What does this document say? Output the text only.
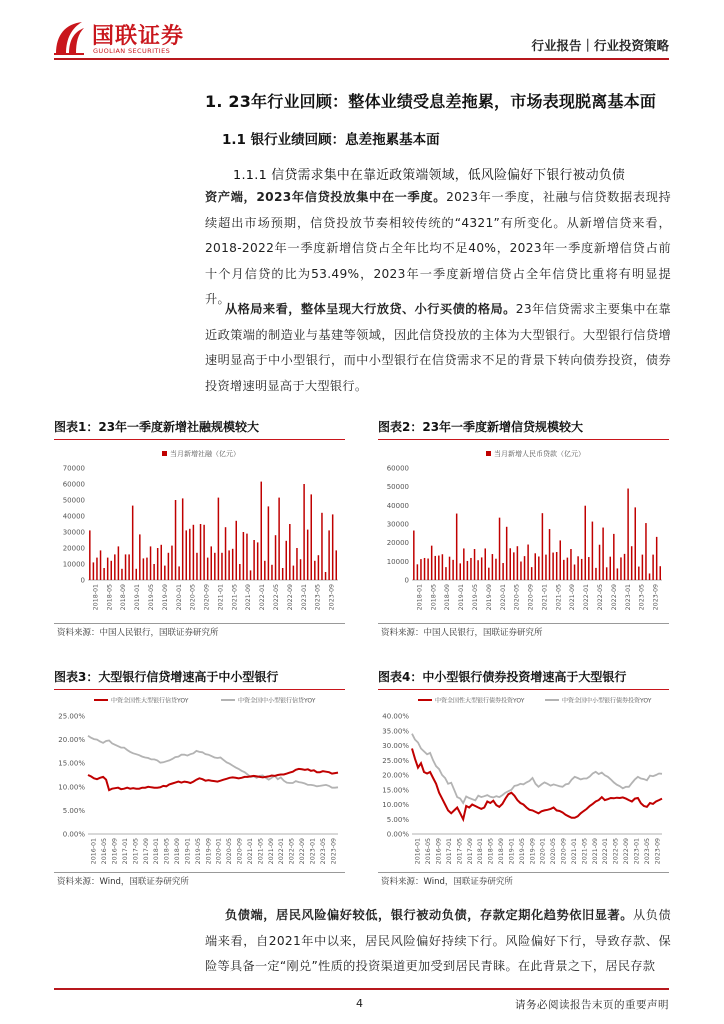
国联证券
GUOLIAN SECURITIES	行业报告｜行业投资策略
1. 23年行业回顾：整体业绩受息差拖累，市场表现脱离基本面
1.1 银行业绩回顾：息差拖累基本面
1.1.1 信贷需求集中在靠近政策端领域，低风险偏好下银行被动负债
资产端，2023年信贷投放集中在一季度。2023年一季度，社融与信贷数据表现持续超出市场预期，信贷投放节奏相较传统的“4321”有所变化。从新增信贷来看，2018-2022年一季度新增信贷占全年比均不足40%，2023年一季度新增信贷占前十个月信贷的比为53.49%，2023年一季度新增信贷占全年信贷比重将有明显提升。
从格局来看，整体呈现大行放贷、小行买债的格局。23年信贷需求主要集中在靠近政策端的制造业与基建等领域，因此信贷投放的主体为大型银行。大型银行信贷增速明显高于中小型银行，而中小型银行在信贷需求不足的背景下转向债券投资，债券投资增速明显高于大型银行。
图表1：23年一季度新增社融规模较大	图表2：23年一季度新增信贷规模较大
70000
60000
50000
40000
30000
20000
10000
0
2018-01 2018-05 2018-09 2019-01 2019-05 2019-09 2020-01 2020-05 2020-09 2021-01 2021-05 2021-09 2022-01 2022-05 2022-09 2023-01 2023-05 2023-09
当月新增社融（亿元）
60000
50000
40000
30000
20000
10000
0
2018-01 2018-05 2018-09 2019-01 2019-05 2019-09 2020-01 2020-05 2020-09 2021-01 2021-05 2021-09 2022-01 2022-05 2022-09 2023-01 2023-05 2023-09
当月新增人民币贷款（亿元）
资料来源：中国人民银行，国联证券研究所	资料来源：中国人民银行，国联证券研究所
图表3：大型银行信贷增速高于中小型银行	图表4：中小型银行债券投资增速高于大型银行
25.00%
20.00%
15.00%
10.00%
5.00%
0.00%
2016-01 2016-05 2016-09 2017-01 2017-05 2017-09 2018-01 2018-05 2018-09 2019-01 2019-05 2019-09 2020-01 2020-05 2020-09 2021-01 2021-05 2021-09 2022-01 2022-05 2022-09 2023-01 2023-05 2023-09
中资全国性大型银行信贷YOY	中资全国中小型银行信贷YOY
40.00%
35.00%
30.00%
25.00%
20.00%
15.00%
10.00%
5.00%
0.00%
2016-01 2016-05 2016-09 2017-01 2017-05 2017-09 2018-01 2018-05 2018-09 2019-01 2019-05 2019-09 2020-01 2020-05 2020-09 2021-01 2021-05 2021-09 2022-01 2022-05 2022-09 2023-01 2023-05 2023-09
中资全国性大型银行债券投资YOY	中资全国中小型银行债券投资YOY
资料来源：Wind，国联证券研究所	资料来源：Wind，国联证券研究所
负债端，居民风险偏好较低，银行被动负债，存款定期化趋势依旧显著。从负债端来看，自2021年中以来，居民风险偏好持续下行。风险偏好下行，导致存款、保险等具备一定“刚兑”性质的投资渠道更加受到居民青睐。在此背景之下，居民存款
4	请务必阅读报告末页的重要声明
